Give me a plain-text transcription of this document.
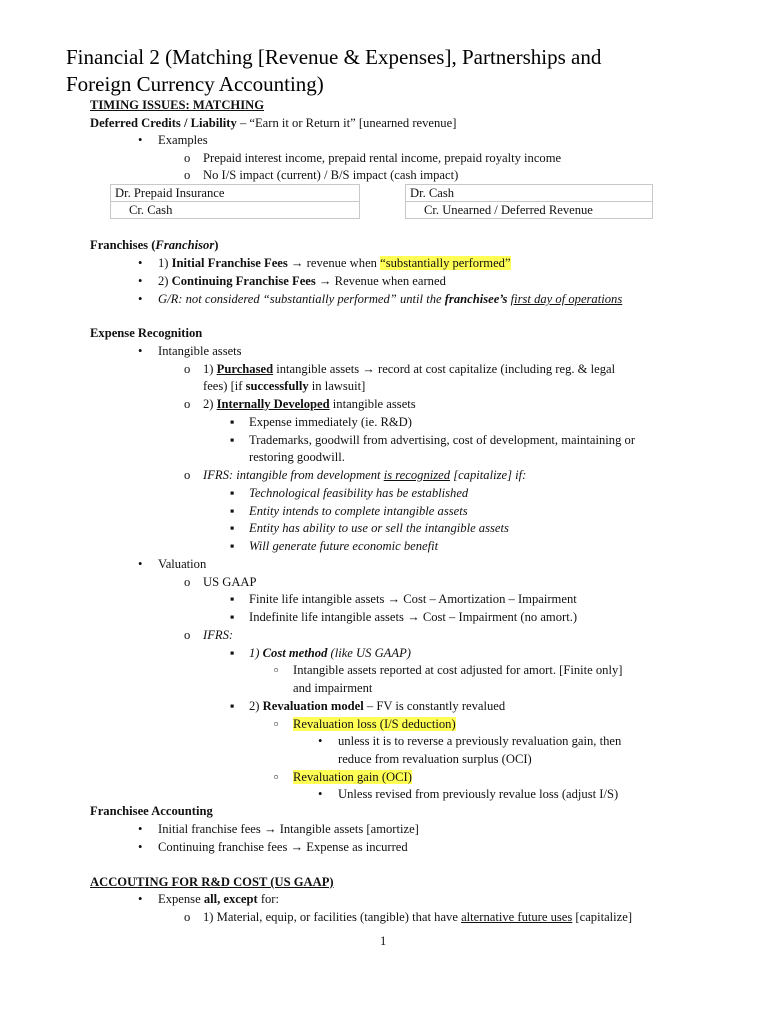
Financial 2 (Matching [Revenue & Expenses], Partnerships and
Foreign Currency Accounting)
TIMING ISSUES: MATCHING
Deferred Credits / Liability – “Earn it or Return it” [unearned revenue]
• Examples
o Prepaid interest income, prepaid rental income, prepaid royalty income
o No I/S impact (current) / B/S impact (cash impact)
Dr. Prepaid Insurance
Cr. Cash
Dr. Cash
Cr. Unearned / Deferred Revenue
Franchises (Franchisor)
• 1) Initial Franchise Fees → revenue when “substantially performed”
• 2) Continuing Franchise Fees → Revenue when earned
• G/R: not considered “substantially performed” until the franchisee’s first day of operations
Expense Recognition
• Intangible assets
o 1) Purchased intangible assets → record at cost capitalize (including reg. & legal
fees) [if successfully in lawsuit]
o 2) Internally Developed intangible assets
▪ Expense immediately (ie. R&D)
▪ Trademarks, goodwill from advertising, cost of development, maintaining or
restoring goodwill.
o IFRS: intangible from development is recognized [capitalize] if:
▪ Technological feasibility has be established
▪ Entity intends to complete intangible assets
▪ Entity has ability to use or sell the intangible assets
▪ Will generate future economic benefit
• Valuation
o US GAAP
▪ Finite life intangible assets → Cost – Amortization – Impairment
▪ Indefinite life intangible assets → Cost – Impairment (no amort.)
o IFRS:
▪ 1) Cost method (like US GAAP)
▫ Intangible assets reported at cost adjusted for amort. [Finite only]
and impairment
▪ 2) Revaluation model – FV is constantly revalued
▫ Revaluation loss (I/S deduction)
• unless it is to reverse a previously revaluation gain, then
reduce from revaluation surplus (OCI)
▫ Revaluation gain (OCI)
• Unless revised from previously revalue loss (adjust I/S)
Franchisee Accounting
• Initial franchise fees → Intangible assets [amortize]
• Continuing franchise fees → Expense as incurred
ACCOUTING FOR R&D COST (US GAAP)
• Expense all, except for:
o 1) Material, equip, or facilities (tangible) that have alternative future uses [capitalize]
1
